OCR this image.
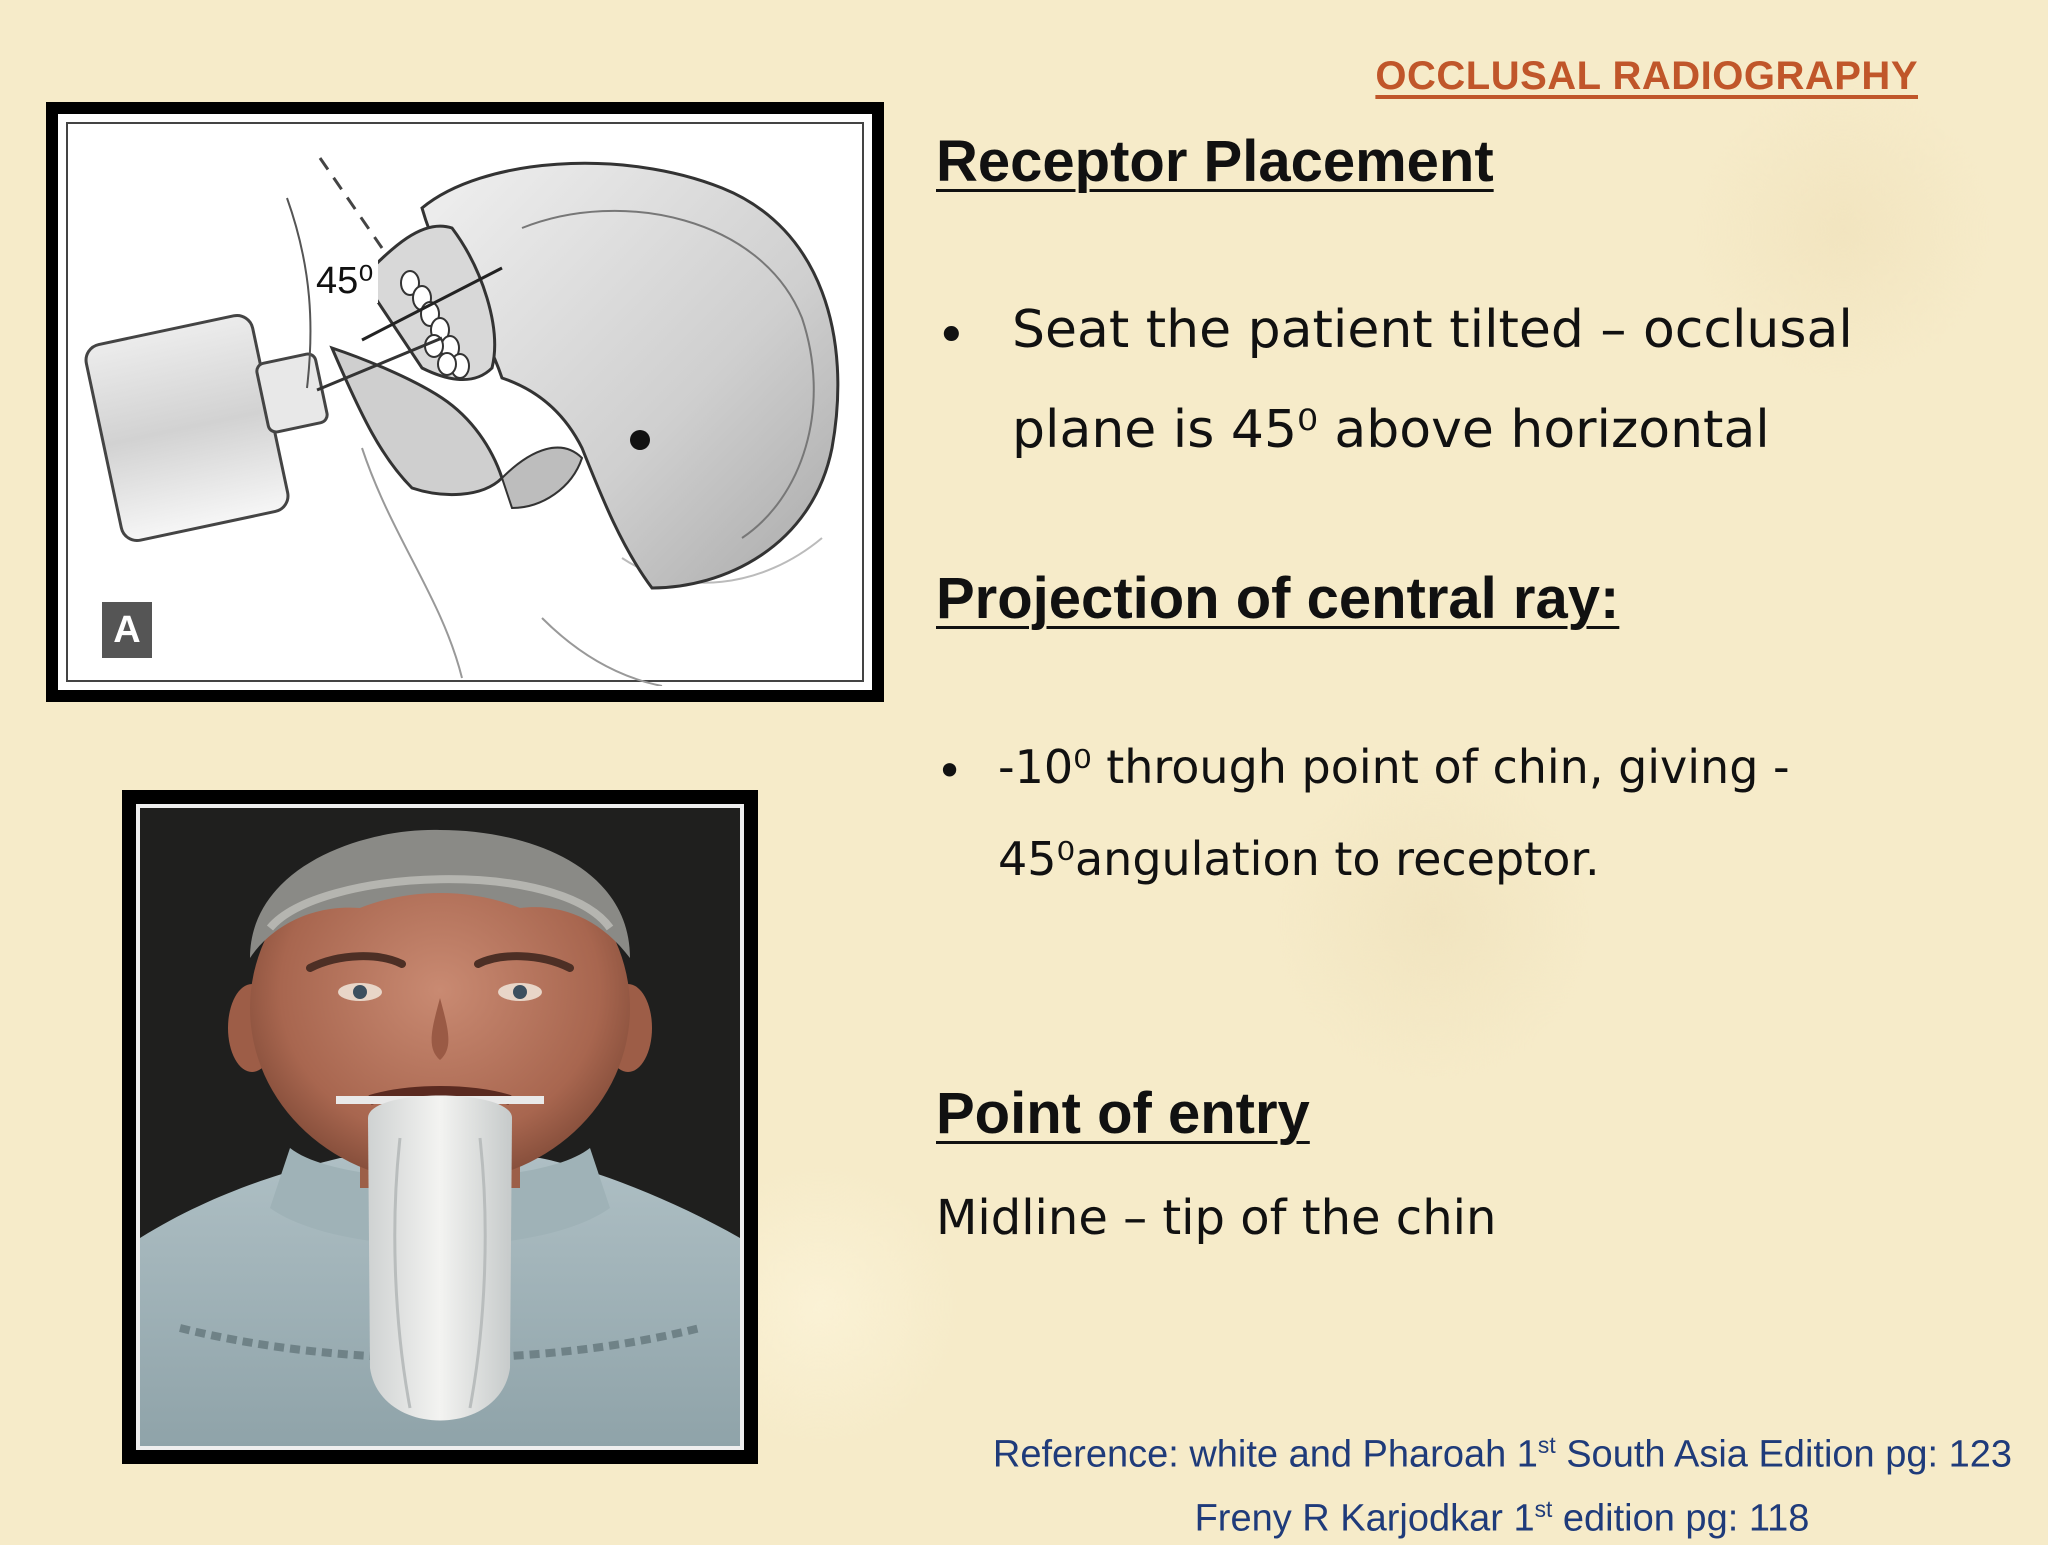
OCCLUSAL RADIOGRAPHY
45⁰
A
Receptor Placement
• Seat the patient tilted – occlusal
plane is 45⁰ above horizontal
Projection of central ray:
• -10⁰ through point of chin, giving -
45⁰angulation to receptor.
Point of entry
Midline – tip of the chin
Reference: white and Pharoah 1st South Asia Edition pg: 123
Freny R Karjodkar 1st edition pg: 118
